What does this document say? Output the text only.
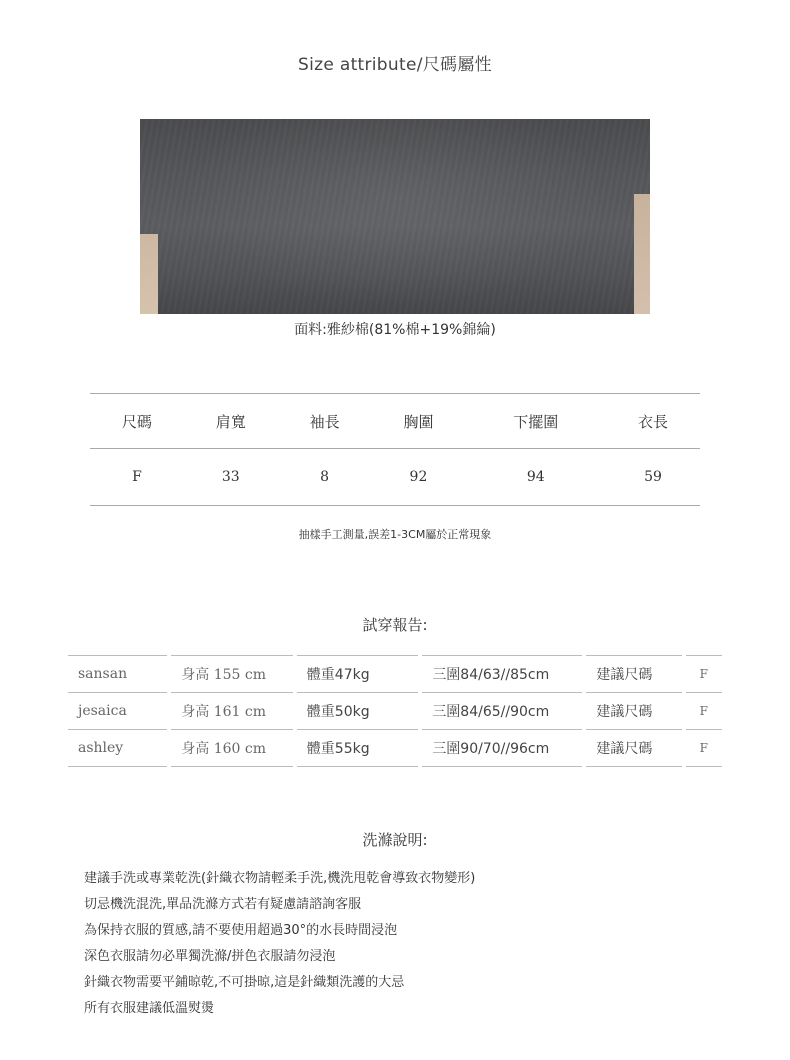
Size attribute/尺碼屬性
面料:雅紗棉(81%棉+19%錦綸)
尺碼	肩寬	袖長	胸圍	下擺圍	衣長
F	33	8	92	94	59
抽樣手工測量,誤差1-3CM屬於正常現象
試穿報告:
sansan	身高 155 cm	體重47kg	三圍84/63//85cm	建議尺碼	F
jesaica	身高 161 cm	體重50kg	三圍84/65//90cm	建議尺碼	F
ashley	身高 160 cm	體重55kg	三圍90/70//96cm	建議尺碼	F
洗滌說明:
建議手洗或專業乾洗(針織衣物請輕柔手洗,機洗甩乾會導致衣物變形)
切忌機洗混洗,單品洗滌方式若有疑慮請諮詢客服
為保持衣服的質感,請不要使用超過30°的水長時間浸泡
深色衣服請勿必單獨洗滌/拼色衣服請勿浸泡
針織衣物需要平鋪晾乾,不可掛晾,這是針織類洗護的大忌
所有衣服建議低溫熨燙
